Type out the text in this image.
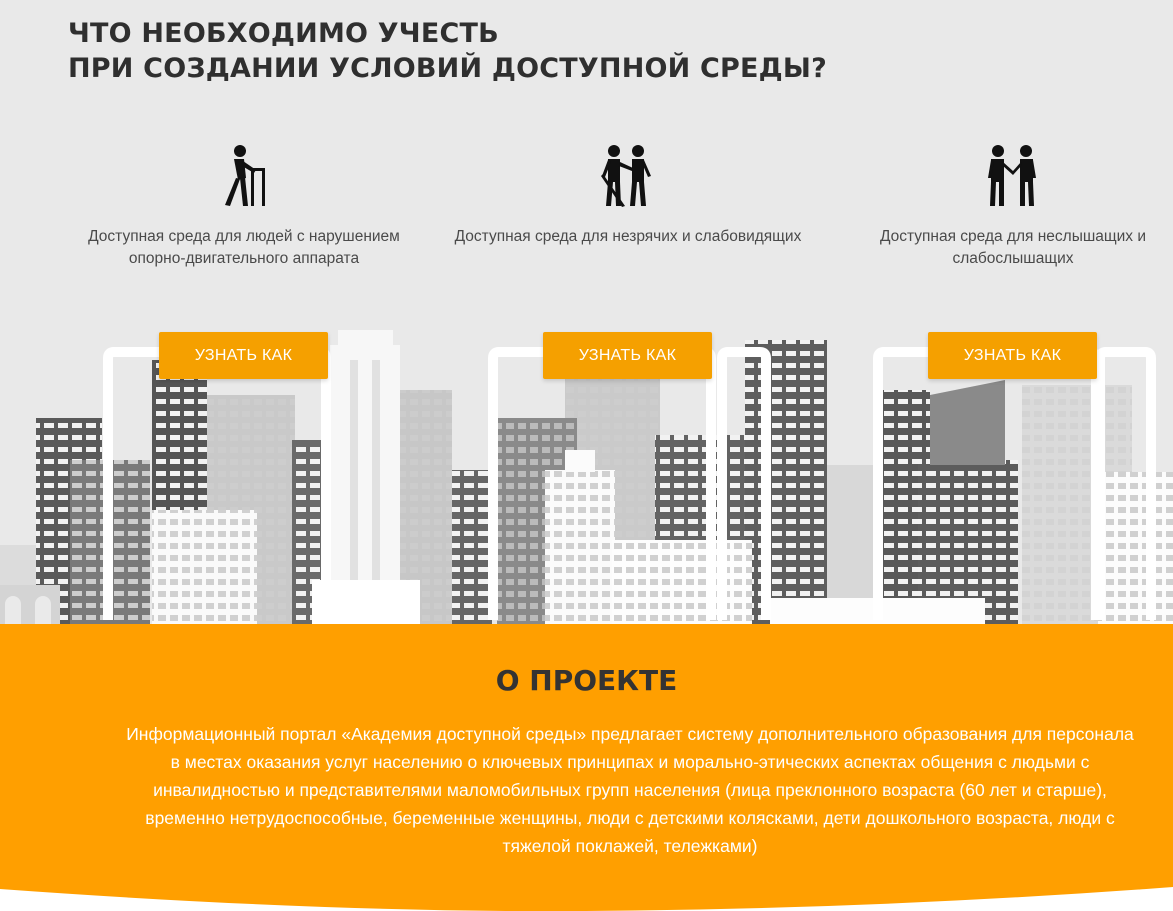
ЧТО НЕОБХОДИМО УЧЕСТЬ
ПРИ СОЗДАНИИ УСЛОВИЙ ДОСТУПНОЙ СРЕДЫ?
Доступная среда для людей с нарушением опорно-двигательного аппарата
Доступная среда для незрячих и слабовидящих	Доступная среда для неслышащих и слабослышащих
УЗНАТЬ КАК	УЗНАТЬ КАК	УЗНАТЬ КАК
О ПРОЕКТЕ

Информационный портал «Академия доступной среды» предлагает систему дополнительного образования для персонала в местах оказания услуг населению о ключевых принципах и морально-этических аспектах общения с людьми с инвалидностью и представителями маломобильных групп населения (лица преклонного возраста (60 лет и старше), временно нетрудоспособные, беременные женщины, люди с детскими колясками, дети дошкольного возраста, люди с тяжелой поклажей, тележками)
